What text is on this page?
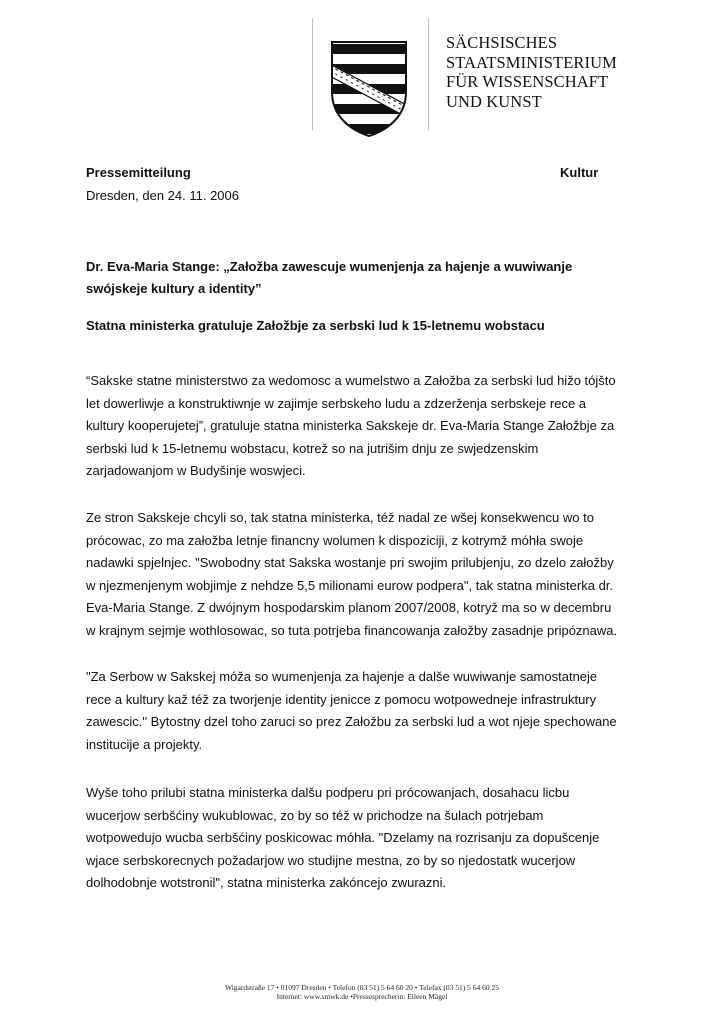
SÄCHSISCHES
STAATSMINISTERIUM
FÜR WISSENSCHAFT
UND KUNST
Pressemitteilung	Kultur
Dresden, den 24. 11. 2006
Dr. Eva-Maria Stange: „Załožba zawescuje wumenjenja za hajenje a wuwiwanje
swójskeje kultury a identity”
Statna ministerka gratuluje Załožbje za serbski lud k 15-letnemu wobstacu
“Sakske statne ministerstwo za wedomosc a wumelstwo a Załožba za serbski lud hižo tójšto
let dowerliwje a konstruktiwnje w zajimje serbskeho ludu a zdzerženja serbskeje rece a
kultury kooperujetej”, gratuluje statna ministerka Sakskeje dr. Eva-Maria Stange Załožbje za
serbski lud k 15-letnemu wobstacu, kotrež so na jutrišim dnju ze swjedzenskim
zarjadowanjom w Budyšinje woswjeci.
Ze stron Sakskeje chcyli so, tak statna ministerka, též nadal ze wšej konsekwencu wo to
prócowac, zo ma załožba letnje financny wolumen k dispoziciji, z kotrymž móhła swoje
nadawki spjelnjec. "Swobodny stat Sakska wostanje pri swojim prilubjenju, zo dzelo załožby
w njezmenjenym wobjimje z nehdze 5,5 milionami eurow podpera", tak statna ministerka dr.
Eva-Maria Stange. Z dwójnym hospodarskim planom 2007/2008, kotryž ma so w decembru
w krajnym sejmje wothlosowac, so tuta potrjeba financowanja załožby zasadnje pripóznawa.
"Za Serbow w Sakskej móža so wumenjenja za hajenje a dalše wuwiwanje samostatneje
rece a kultury kaž též za tworjenje identity jenicce z pomocu wotpowedneje infrastruktury
zawescic." Bytostny dzel toho zaruci so prez Załožbu za serbski lud a wot njeje spechowane
institucije a projekty.
Wyše toho prilubi statna ministerka dalšu podperu pri prócowanjach, dosahacu licbu
wucerjow serbšćiny wukublowac, zo by so též w prichodze na šulach potrjebam
wotpowedujo wucba serbšćiny poskicowac móhła. "Dzelamy na rozrisanju za dopušcenje
wjace serbskorecnych požadarjow wo studijne mestna, zo by so njedostatk wucerjow
dolhodobnje wotstronil", statna ministerka zakóncejo zwurazni.
Wigardstraße 17 • 01097 Dresden • Telefon (03 51) 5 64 60 20 • Telefax (03 51) 5 64 60 25
Internet: www.smwk.de •Pressesprecherin: Eileen Mägel
